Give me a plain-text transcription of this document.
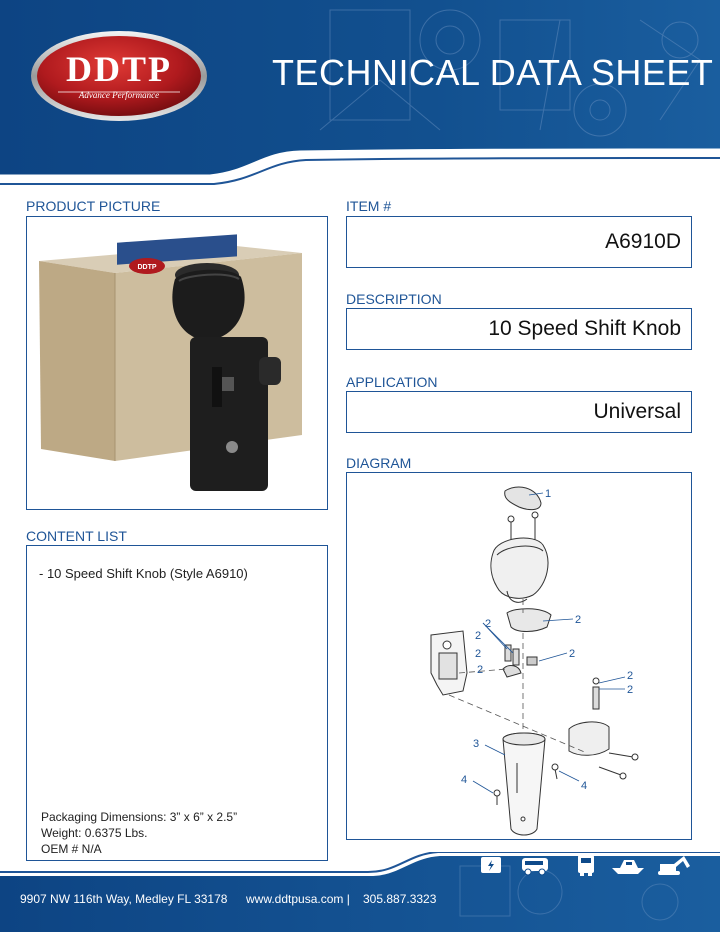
DDTP
Advance Performance
TECHNICAL DATA SHEET
PRODUCT PICTURE
DDTP
ITEM #
A6910D
DESCRIPTION
10 Speed Shift Knob
APPLICATION
Universal
DIAGRAM
1
2
2
2
2
2
2
2
2
3
4	4
CONTENT LIST
- 10 Speed Shift Knob (Style A6910)
Packaging Dimensions: 3” x 6” x 2.5”
Weight: 0.6375 Lbs.
OEM # N/A
9907 NW 116th Way, Medley FL 33178 www.ddtpusa.com | 305.887.3323
